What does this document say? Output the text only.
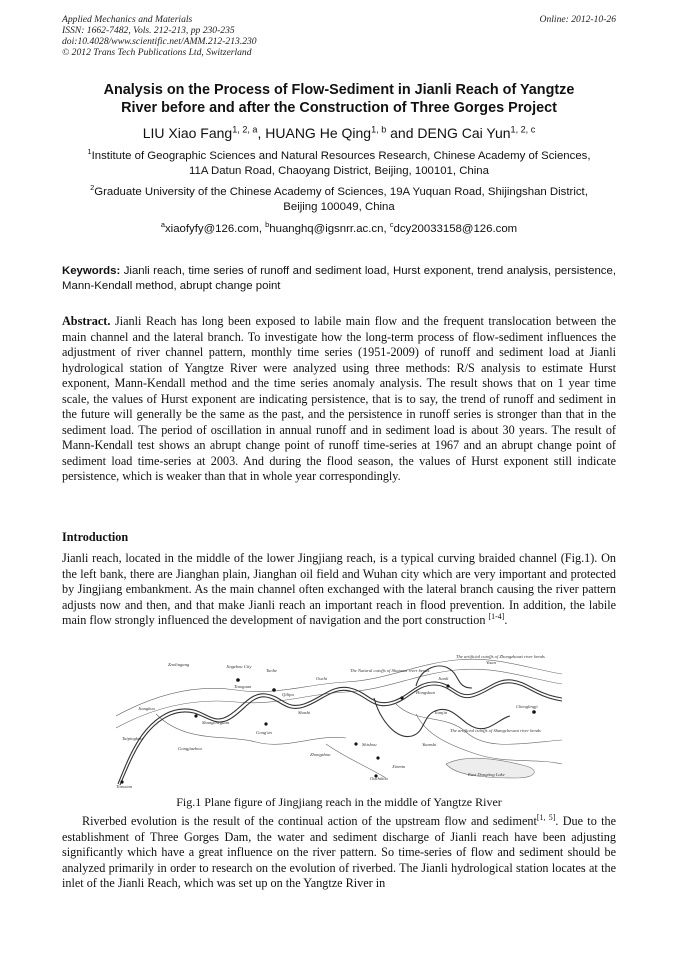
Applied Mechanics and Materials
ISSN: 1662-7482, Vols. 212-213, pp 230-235
doi:10.4028/www.scientific.net/AMM.212-213.230
© 2012 Trans Tech Publications Ltd, Switzerland
Online: 2012-10-26
Analysis on the Process of Flow-Sediment in Jianli Reach of Yangtze
River before and after the Construction of Three Gorges Project
LIU Xiao Fang$^{1, 2, a}$, HUANG He Qing$^{1, b}$ and DENG Cai Yun$^{1, 2, c}$
$^1$Institute of Geographic Sciences and Natural Resources Research, Chinese Academy of Sciences,
11A Datun Road, Chaoyang District, Beijing, 100101, China
$^2$Graduate University of the Chinese Academy of Sciences, 19A Yuquan Road, Shijingshan District,
Beijing 100049, China
$^a$xiaofyfy@126.com, $^b$huanghq@igsnrr.ac.cn, $^c$dcy20033158@126.com
Keywords: Jianli reach, time series of runoff and sediment load, Hurst exponent, trend analysis, persistence, Mann-Kendall method, abrupt change point
Abstract. Jianli Reach has long been exposed to labile main flow and the frequent translocation between the main channel and the lateral branch. To investigate how the long-term process of flow-sediment influences the adjustment of river channel pattern, monthly time series (1951-2009) of runoff and sediment load at Jianli hydrological station of Yangtze River were analyzed using three methods: R/S analysis to estimate Hurst exponent, Mann-Kendall method and the time series anomaly analysis. The result shows that on 1 year time scale, the values of Hurst exponent are indicating persistence, that is to say, the trend of runoff and sediment in the future will generally be the same as the past, and the persistence in runoff series is stronger than that in the sediment load. The period of oscillation in annual runoff and in sediment load is about 30 years. The result of Mann-Kendall test shows an abrupt change point of runoff time-series at 1967 and an abrupt change point of sediment load time-series at 2003. And during the flood season, the values of Hurst exponent still indicate persistence, which is weaker than that in whole year correspondingly.
Introduction
Jianli reach, located in the middle of the lower Jingjiang reach, is a typical curving braided channel (Fig.1). On the left bank, there are Jianghan plain, Jianghan oil field and Wuhan city which are very important and protected by Jingjiang embankment. As the main channel often exchanged with the lateral branch causing the river pattern adjusts now and then, and that make Jianli reach an important reach in flood prevention. In addition, the labile main flow strongly influenced the development of navigation and the port construction [1-4].
Zaolingang	Jingzhou City
Taohe
Tiaoguan
Ouchi
Qilipu
Jiangkou
Shangcheguan
Gong'an
Shishou
Zhongzhou
Ouchikou
Taipingkou
Tiaoxian
Jianli
Tianjia
Chenglingji
East Dongting Lake
Shashi
Xinmin
The artificial cutoffs of Zhongzhouzi river bends
The Natural cutoffs of Shatanzi river bends
The artificial cutoffs of Shangchewan river bends
Gongjiazhou
Yuanshi
Yisan
Hongshan
Fig.1 Plane figure of Jingjiang reach in the middle of Yangtze River
Riverbed evolution is the result of the continual action of the upstream flow and sediment[1, 5]. Due to the establishment of Three Gorges Dam, the water and sediment discharge of Jianli reach have been adjusting significantly which have a great influence on the river pattern. So time-series of flow and sediment should be analyzed primarily in order to research on the evolution of riverbed. The Jianli hydrological station locates at the inlet of the Jianli Reach, which was set up on the Yangtze River in
